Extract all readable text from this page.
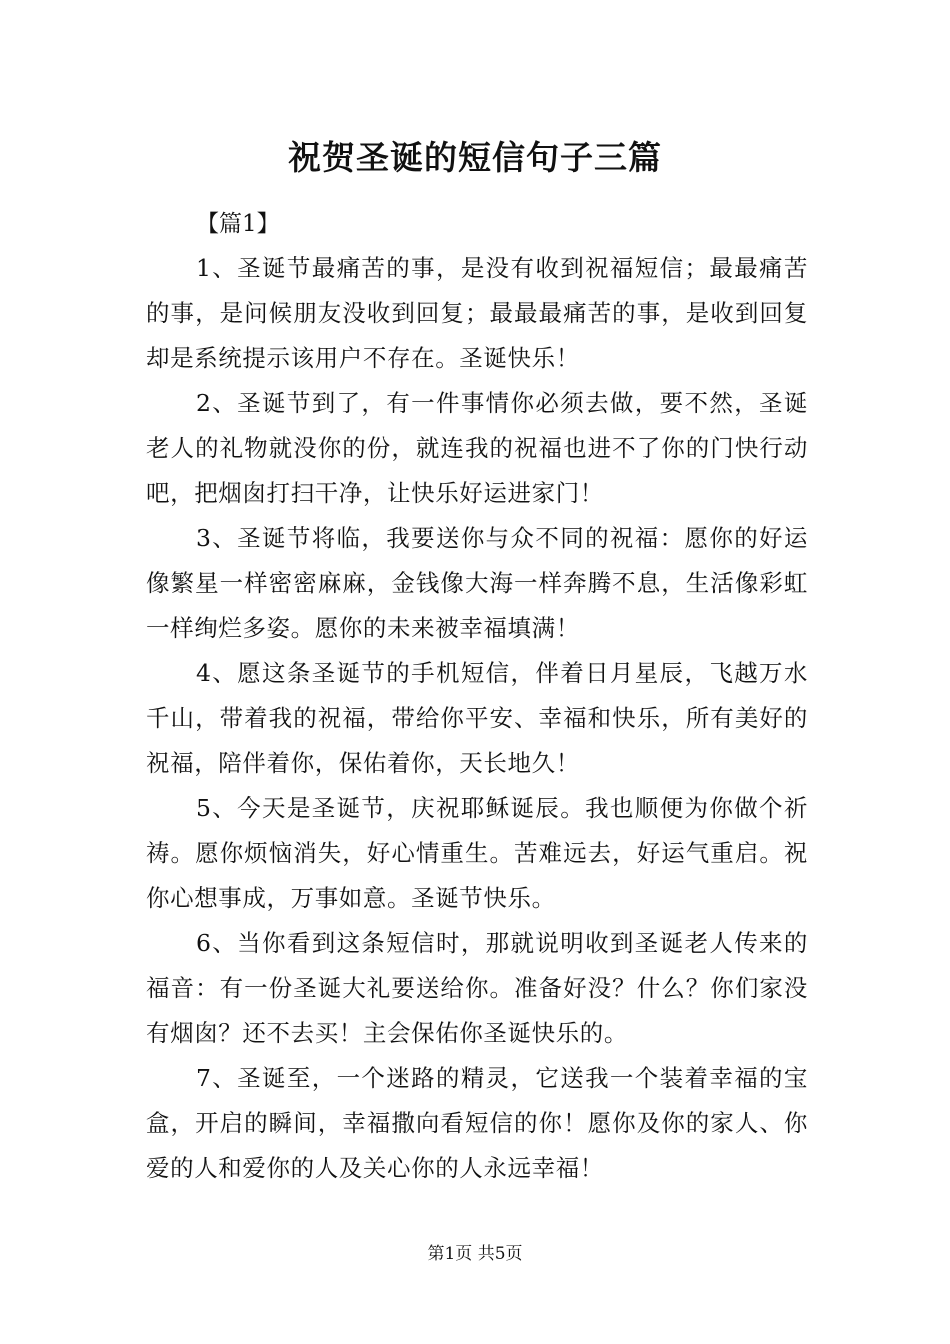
祝贺圣诞的短信句子三篇
【篇1】

1、圣诞节最痛苦的事，是没有收到祝福短信；最最痛苦的事，是问候朋友没收到回复；最最最痛苦的事，是收到回复却是系统提示该用户不存在。圣诞快乐！

2、圣诞节到了，有一件事情你必须去做，要不然，圣诞老人的礼物就没你的份，就连我的祝福也进不了你的门快行动吧，把烟囱打扫干净，让快乐好运进家门！

3、圣诞节将临，我要送你与众不同的祝福：愿你的好运像繁星一样密密麻麻，金钱像大海一样奔腾不息，生活像彩虹一样绚烂多姿。愿你的未来被幸福填满！

4、愿这条圣诞节的手机短信，伴着日月星辰，飞越万水千山，带着我的祝福，带给你平安、幸福和快乐，所有美好的祝福，陪伴着你，保佑着你，天长地久！

5、今天是圣诞节，庆祝耶稣诞辰。我也顺便为你做个祈祷。愿你烦恼消失，好心情重生。苦难远去，好运气重启。祝你心想事成，万事如意。圣诞节快乐。

6、当你看到这条短信时，那就说明收到圣诞老人传来的福音：有一份圣诞大礼要送给你。准备好没？什么？你们家没有烟囱？还不去买！主会保佑你圣诞快乐的。

7、圣诞至，一个迷路的精灵，它送我一个装着幸福的宝盒，开启的瞬间，幸福撒向看短信的你！愿你及你的家人、你爱的人和爱你的人及关心你的人永远幸福！

第1页 共5页
